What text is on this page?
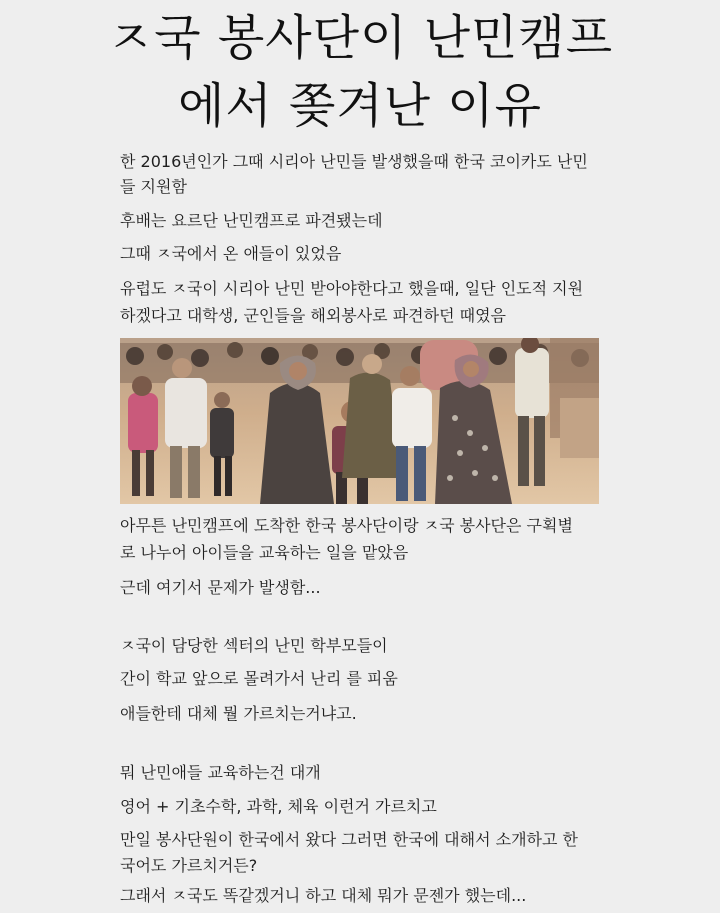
ㅈ국 봉사단이 난민캠프
에서 쫒겨난 이유
한 2016년인가 그때 시리아 난민들 발생했을때 한국 코이카도 난민
들 지원함
후배는 요르단 난민캠프로 파견됐는데
그때 ㅈ국에서 온 애들이 있었음
유럽도 ㅈ국이 시리아 난민 받아야한다고 했을때, 일단 인도적 지원
하겠다고 대학생, 군인들을 해외봉사로 파견하던 때였음
아무튼 난민캠프에 도착한 한국 봉사단이랑 ㅈ국 봉사단은 구획별
로 나누어 아이들을 교육하는 일을 맡았음
근데 여기서 문제가 발생함...
ㅈ국이 담당한 섹터의 난민 학부모들이
간이 학교 앞으로 몰려가서 난리 를 피움
애들한테 대체 뭘 가르치는거냐고.
뭐 난민애들 교육하는건 대개
영어 + 기초수학, 과학, 체육 이런거 가르치고
만일 봉사단원이 한국에서 왔다 그러면 한국에 대해서 소개하고 한
국어도 가르치거든?
그래서 ㅈ국도 똑같겠거니 하고 대체 뭐가 문젠가 했는데...
